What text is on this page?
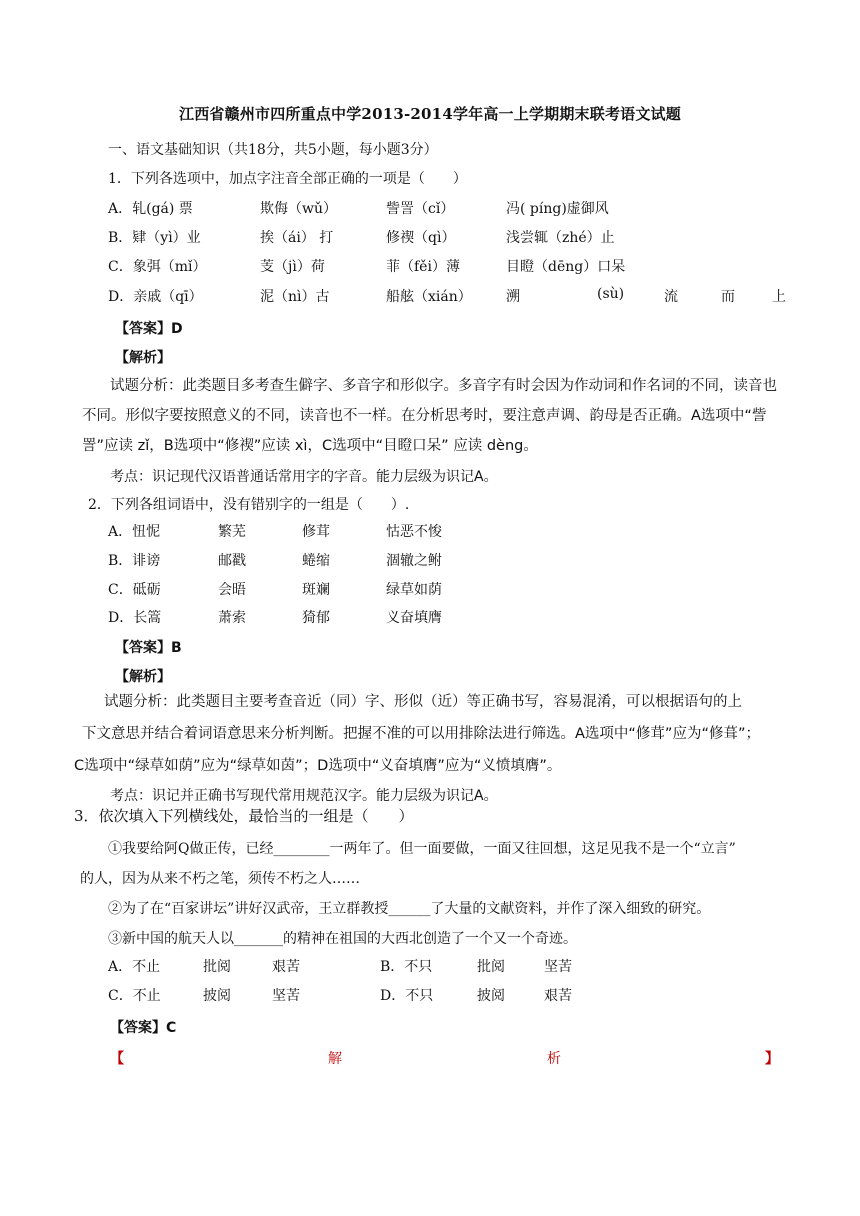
江西省赣州市四所重点中学2013-2014学年高一上学期期末联考语文试题
一、语文基础知识（共18分，共5小题，每小题3分）
1．下列各选项中，加点字注音全部正确的一项是（　　）
A．轧(gá) 票	欺侮（wǔ）	訾詈（cǐ）	冯( píng)虚御风
B．肄（yì）业	挨（ái） 打	修禊（qì）	浅尝辄（zhé）止
C．象弭（mǐ）	芰（jì）荷	菲（fěi）薄	目瞪（dēng）口呆
D．亲戚（qī）	泥（nì）古	船舷（xián） 溯	(sù)	流	而	上
【答案】D
【解析】
试题分析：此类题目多考查生僻字、多音字和形似字。多音字有时会因为作动词和作名词的不同，读音也不同。形似字要按照意义的不同，读音也不一样。在分析思考时，要注意声调、韵母是否正确。A选项中“訾詈”应读 zǐ，B选项中“修禊”应读 xì，C选项中“目瞪口呆” 应读 dèng。
考点：识记现代汉语普通话常用字的字音。能力层级为识记A。
2．下列各组词语中，没有错别字的一组是（　　）.
A．忸怩	繁芜	修茸	怙恶不悛
B．诽谤	邮戳	蜷缩	涸辙之鲋
C．砥砺	会晤	斑斓	绿草如荫
D．长篙	萧索	猗郁	义奋填膺
【答案】B
【解析】
试题分析：此类题目主要考查音近（同）字、形似（近）等正确书写，容易混淆，可以根据语句的上
下文意思并结合着词语意思来分析判断。把握不准的可以用排除法进行筛选。A选项中“修茸”应为“修葺”；
C选项中“绿草如荫”应为“绿草如茵”；D选项中“义奋填膺”应为“义愤填膺”。
考点：识记并正确书写现代常用规范汉字。能力层级为识记A。
3．依次填入下列横线处，最恰当的一组是（　　）
①我要给阿Q做正传，已经________一两年了。但一面要做，一面又往回想，这足见我不是一个“立言”
的人，因为从来不朽之笔，须传不朽之人……
②为了在“百家讲坛”讲好汉武帝，王立群教授______了大量的文献资料，并作了深入细致的研究。
③新中国的航天人以_______的精神在祖国的大西北创造了一个又一个奇迹。
A．不止	批阅	艰苦	B．不只	批阅	坚苦
C．不止	披阅	坚苦	D．不只	披阅	艰苦
【答案】C
【	解	析	】
